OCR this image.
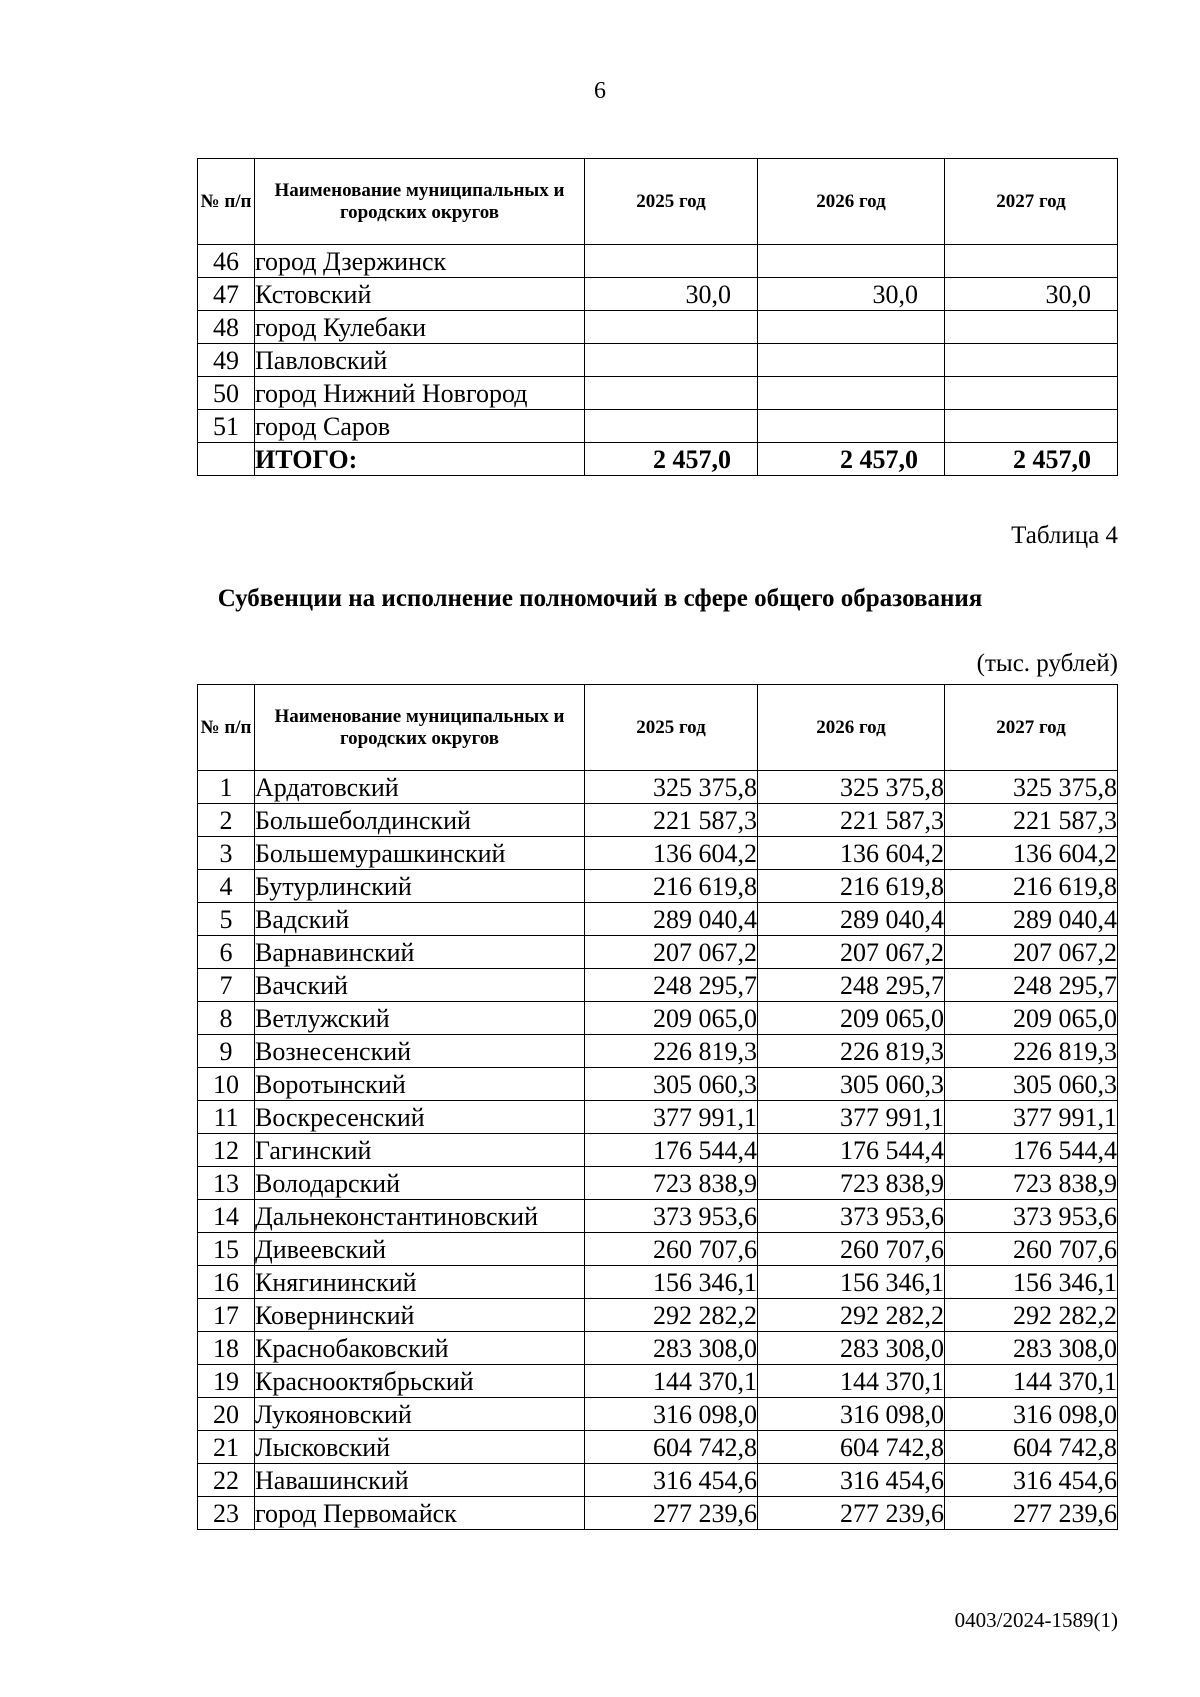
6
№ п/п	Наименование муниципальных и городских округов	2025 год	2026 год	2027 год
46	город Дзержинск			
47	Кстовский	30,0	30,0	30,0
48	город Кулебаки			
49	Павловский			
50	город Нижний Новгород			
51	город Саров			
	ИТОГО:	2 457,0	2 457,0	2 457,0
Таблица 4
Субвенции на исполнение полномочий в сфере общего образования
(тыс. рублей)
№ п/п	Наименование муниципальных и городских округов	2025 год	2026 год	2027 год
1	Ардатовский	325 375,8	325 375,8	325 375,8
2	Большеболдинский	221 587,3	221 587,3	221 587,3
3	Большемурашкинский	136 604,2	136 604,2	136 604,2
4	Бутурлинский	216 619,8	216 619,8	216 619,8
5	Вадский	289 040,4	289 040,4	289 040,4
6	Варнавинский	207 067,2	207 067,2	207 067,2
7	Вачский	248 295,7	248 295,7	248 295,7
8	Ветлужский	209 065,0	209 065,0	209 065,0
9	Вознесенский	226 819,3	226 819,3	226 819,3
10	Воротынский	305 060,3	305 060,3	305 060,3
11	Воскресенский	377 991,1	377 991,1	377 991,1
12	Гагинский	176 544,4	176 544,4	176 544,4
13	Володарский	723 838,9	723 838,9	723 838,9
14	Дальнеконстантиновский	373 953,6	373 953,6	373 953,6
15	Дивеевский	260 707,6	260 707,6	260 707,6
16	Княгининский	156 346,1	156 346,1	156 346,1
17	Ковернинский	292 282,2	292 282,2	292 282,2
18	Краснобаковский	283 308,0	283 308,0	283 308,0
19	Краснооктябрьский	144 370,1	144 370,1	144 370,1
20	Лукояновский	316 098,0	316 098,0	316 098,0
21	Лысковский	604 742,8	604 742,8	604 742,8
22	Навашинский	316 454,6	316 454,6	316 454,6
23	город Первомайск	277 239,6	277 239,6	277 239,6
0403/2024-1589(1)
